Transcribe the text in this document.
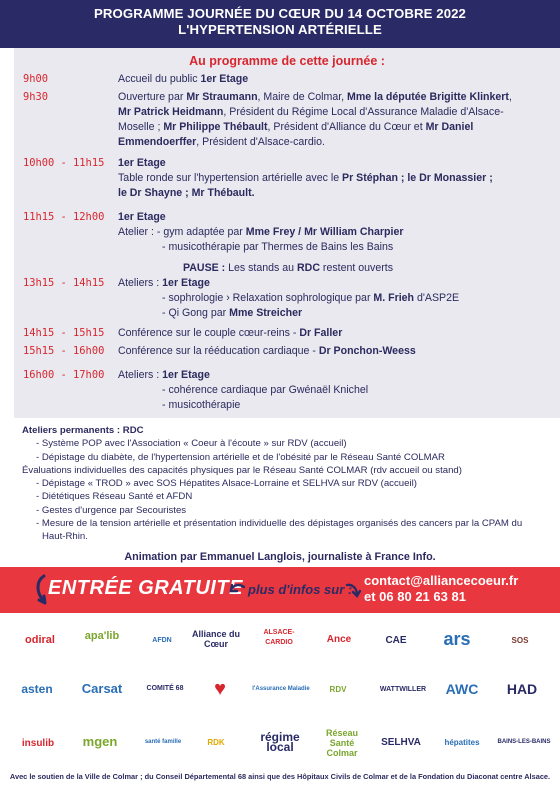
PROGRAMME JOURNÉE DU CŒUR DU 14 OCTOBRE 2022
L'HYPERTENSION ARTÉRIELLE
Au programme de cette journée :
9h00	Accueil du public 1er Etage
9h30	Ouverture par Mr Straumann, Maire de Colmar, Mme la députée Brigitte Klinkert,
Mr Patrick Heidmann, Président du Régime Local d'Assurance Maladie d'Alsace-
Moselle ; Mr Philippe Thébault, Président d'Alliance du Cœur et Mr Daniel
Emmendoerffer, Président d'Alsace-cardio.
10h00 - 11h15 1er Etage
Table ronde sur l'hypertension artérielle avec le Pr Stéphan ; le Dr Monassier ;
le Dr Shayne ; Mr Thébault.
11h15 - 12h00 1er Etage
Atelier : - gym adaptée par Mme Frey / Mr William Charpier
- musicothérapie par Thermes de Bains les Bains
PAUSE : Les stands au RDC restent ouverts
13h15 - 14h15 Ateliers : 1er Etage
- sophrologie › Relaxation sophrologique par M. Frieh d'ASP2E
- Qi Gong par Mme Streicher
14h15 - 15h15 Conférence sur le couple cœur-reins - Dr Faller
15h15 - 16h00 Conférence sur la rééducation cardiaque - Dr Ponchon-Weess
16h00 - 17h00 Ateliers : 1er Etage
- cohérence cardiaque par Gwénaël Knichel
- musicothérapie
Ateliers permanents : RDC
- Système POP avec l'Association « Coeur à l'écoute » sur RDV (accueil)
- Dépistage du diabète, de l'hypertension artérielle et de l'obésité par le Réseau Santé COLMAR
Évaluations individuelles des capacités physiques par le Réseau Santé COLMAR (rdv accueil ou stand)
- Dépistage « TROD » avec SOS Hépatites Alsace-Lorraine et SELHVA sur RDV (accueil)
- Diététiques Réseau Santé et AFDN
- Gestes d'urgence par Secouristes
- Mesure de la tension artérielle et présentation individuelle des dépistages organisés des cancers par la CPAM du
Haut-Rhin.
Animation par Emmanuel Langlois, journaliste à France Info.
ENTRÉE GRATUITE plus d'infos sur :
contact@alliancecoeur.fr
et 06 80 21 63 81
odiral	apa'lib	AFDN
Alliance du Cœur
ALSACE-CARDIO	Ance	CAE	ars	SOS
asten	Carsat	COMITÉ 68	♥	l'Assurance Maladie	RDV	WATTWILLER	AWC	HAD
insulib	mgen	santé famille	RDK	régime local
Réseau Santé Colmar
SELHVA	hépatites	BAINS-LES-BAINS
Avec le soutien de la Ville de Colmar ; du Conseil Départemental 68 ainsi que des Hôpitaux Civils de Colmar et de la Fondation du Diaconat centre Alsace.
